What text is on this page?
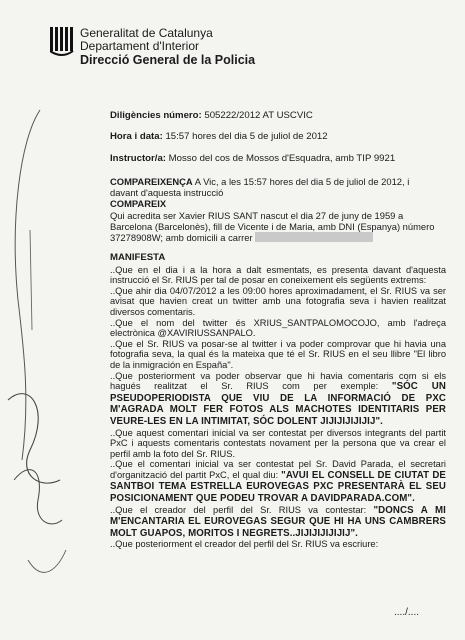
Generalitat de Catalunya
Departament d'Interior
Direcció General de la Policia
Diligències número: 505222/2012 AT USCVIC
Hora i data: 15:57 hores del dia 5 de juliol de 2012
Instructor/a: Mosso del cos de Mossos d'Esquadra, amb TIP 9921

COMPAREIXENÇA A Vic, a les 15:57 hores del dia 5 de juliol de 2012, i davant d'aquesta instrucció

COMPAREIX

Qui acredita ser Xavier RIUS SANT nascut el dia 27 de juny de 1959 a Barcelona (Barcelonès), fill de Vicente i de Maria, amb DNI (Espanya) número 37278908W; amb domicili a carrer

MANIFESTA

..Que en el dia i a la hora a dalt esmentats, es presenta davant d'aquesta instrucció el Sr. RIUS per tal de posar en coneixement els següents extrems:

..Que ahir dia 04/07/2012 a les 09:00 hores aproximadament, el Sr. RIUS va ser avisat que havien creat un twitter amb una fotografia seva i havien realitzat diversos comentaris.

..Que el nom del twitter és XRIUS_SANTPALOMOCOJO, amb l'adreça electrònica @XAVIRIUSSANPALO.

..Que el Sr. RIUS va posar-se al twitter i va poder comprovar que hi havia una fotografia seva, la qual és la mateixa que té el Sr. RIUS en el seu llibre "El libro de la inmigración en España".

..Que posteriorment va poder observar que hi havia comentaris com si els hagués realitzat el Sr. RIUS com per exemple: "SÓC UN PSEUDOPERIODISTA QUE VIU DE LA INFORMACIÓ DE PXC M'AGRADA MOLT FER FOTOS ALS MACHOTES IDENTITARIS PER VEURE-LES EN LA INTIMITAT, SÓC DOLENT JIJIJIJIJIJIJ".

..Que aquest comentari inicial va ser contestat per diversos integrants del partit PxC i aquests comentaris contestats novament per la persona que va crear el perfil amb la foto del Sr. RIUS.

..Que el comentari inicial va ser contestat pel Sr. David Parada, el secretari d'organització del partit PxC, el qual diu: "AVUI EL CONSELL DE CIUTAT DE SANTBOI TEMA ESTRELLA EUROVEGAS PXC PRESENTARÀ EL SEU POSICIONAMENT QUE PODEU TROVAR A DAVIDPARADA.COM".

..Que el creador del perfil del Sr. RIUS va contestar: "DONCS A MI M'ENCANTARIA EL EUROVEGAS SEGUR QUE HI HA UNS CAMBRERS MOLT GUAPOS, MORITOS I NEGRETS..JIJIJIJIJIJIJ".

..Que posteriorment el creador del perfil del Sr. RIUS va escriure:

..../....
